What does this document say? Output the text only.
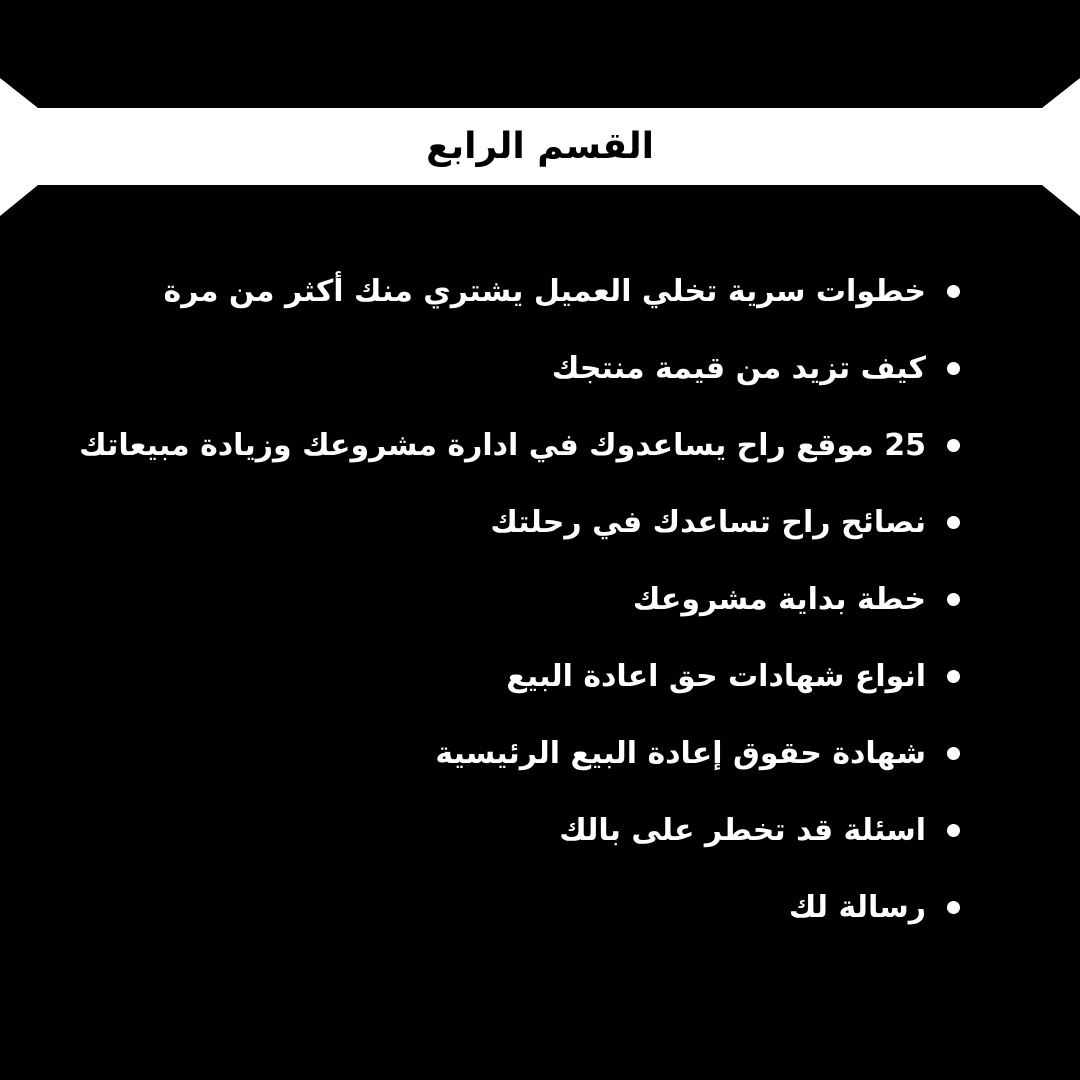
القسم الرابع
خطوات سرية تخلي العميل يشتري منك أكثر من مرة
كيف تزيد من قيمة منتجك
25 موقع راح يساعدوك في ادارة مشروعك وزيادة مبيعاتك
نصائح راح تساعدك في رحلتك
خطة بداية مشروعك
انواع شهادات حق اعادة البيع
شهادة حقوق إعادة البيع الرئيسية
اسئلة قد تخطر على بالك
رسالة لك
